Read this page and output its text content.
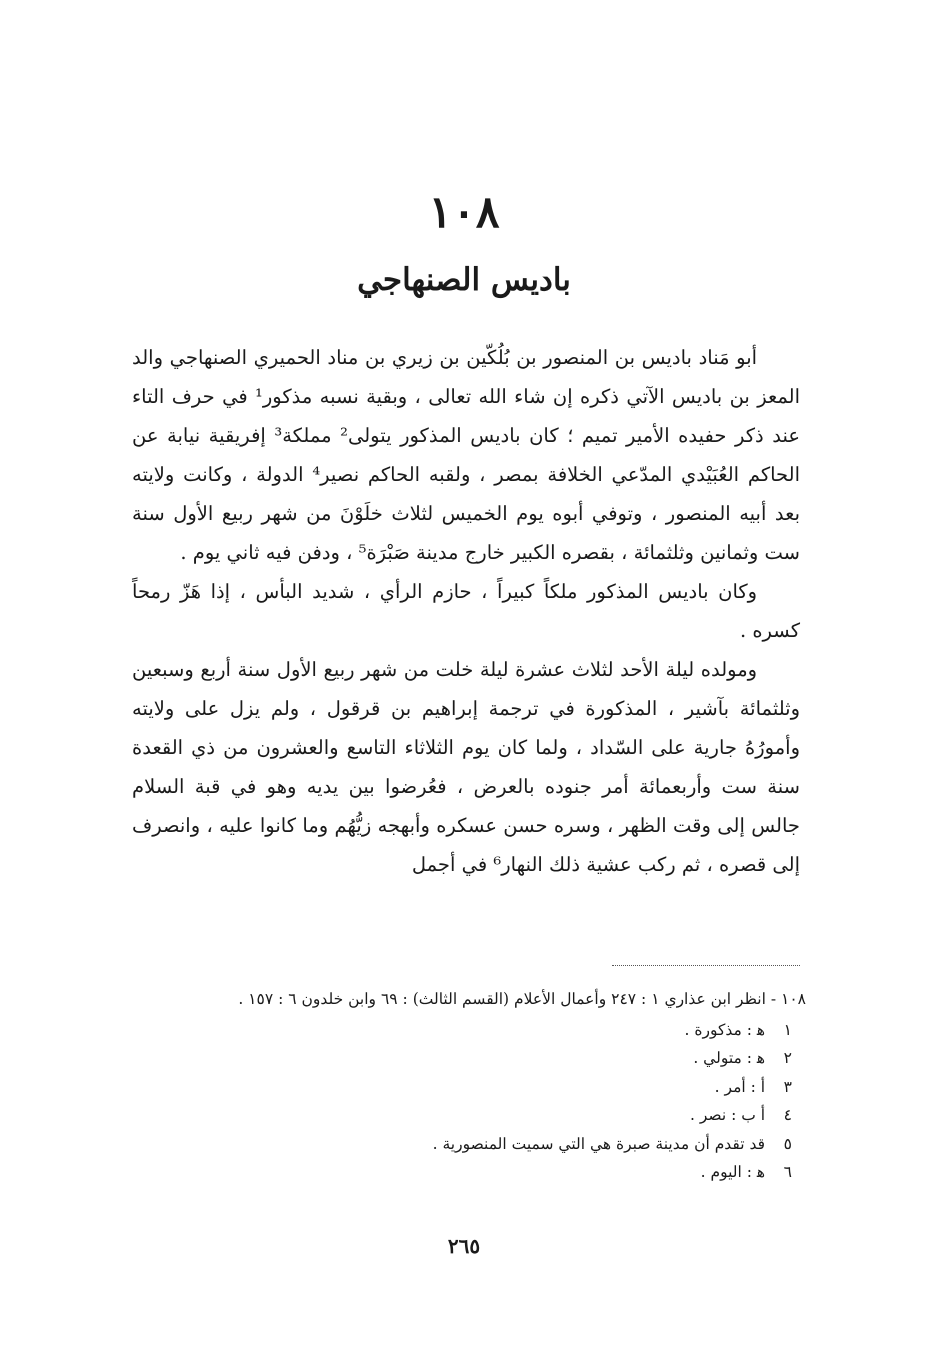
١٠٨
باديس الصنهاجي

أبو مَناد باديس بن المنصور بن بُلُكّين بن زيري بن مناد الحميري الصنهاجي والد المعز بن باديس الآتي ذكره إن شاء الله تعالى ، وبقية نسبه مذكور¹ في حرف التاء عند ذكر حفيده الأمير تميم ؛ كان باديس المذكور يتولى² مملكة³ إفريقية نيابة عن الحاكم العُبَيْدي المدّعي الخلافة بمصر ، ولقبه الحاكم نصير⁴ الدولة ، وكانت ولايته بعد أبيه المنصور ، وتوفي أبوه يوم الخميس لثلاث خلَوْنَ من شهر ربيع الأول سنة ست وثمانين وثلثمائة ، بقصره الكبير خارج مدينة صَبْرَة⁵ ، ودفن فيه ثاني يوم .

وكان باديس المذكور ملكاً كبيراً ، حازم الرأي ، شديد البأس ، إذا هَزّ رمحاً كسره .

ومولده ليلة الأحد لثلاث عشرة ليلة خلت من شهر ربيع الأول سنة أربع وسبعين وثلثمائة بآشير ، المذكورة في ترجمة إبراهيم بن قرقول ، ولم يزل على ولايته وأمورُهُ جارية على السّداد ، ولما كان يوم الثلاثاء التاسع والعشرون من ذي القعدة سنة ست وأربعمائة أمر جنوده بالعرض ، فعُرضوا بين يديه وهو في قبة السلام جالس إلى وقت الظهر ، وسره حسن عسكره وأبهجه زيُّهُم وما كانوا عليه ، وانصرف إلى قصره ، ثم ركب عشية ذلك النهار⁶ في أجمل

١٠٨ - انظر ابن عذاري ١ : ٢٤٧ وأعمال الأعلام (القسم الثالث) : ٦٩ وابن خلدون ٦ : ١٥٧ .
١ ﻫ : مذكورة .
٢ ﻫ : متولي .
٣ أ : أمر .
٤ أ ب : نصر .
٥ قد تقدم أن مدينة صبرة هي التي سميت المنصورية .
٦ ﻫ : اليوم .
٢٦٥
